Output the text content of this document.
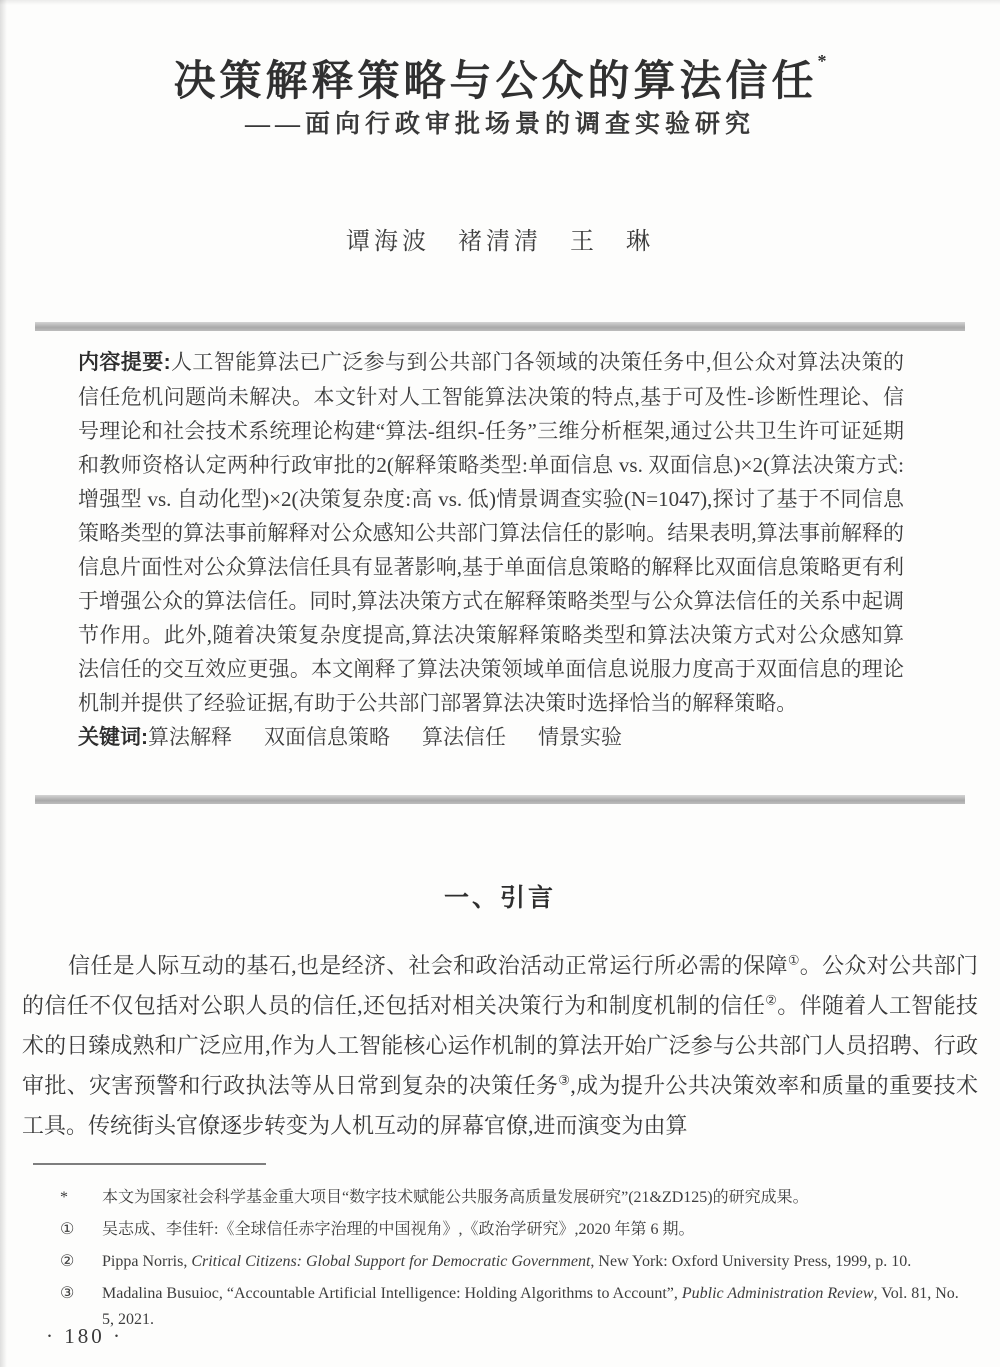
决策解释策略与公众的算法信任*
——面向行政审批场景的调查实验研究
谭海波　褚清清　王　琳

内容提要:人工智能算法已广泛参与到公共部门各领域的决策任务中,但公众对算法决策的信任危机问题尚未解决。本文针对人工智能算法决策的特点,基于可及性-诊断性理论、信号理论和社会技术系统理论构建“算法-组织-任务”三维分析框架,通过公共卫生许可证延期和教师资格认定两种行政审批的2(解释策略类型:单面信息 vs. 双面信息)×2(算法决策方式:增强型 vs. 自动化型)×2(决策复杂度:高 vs. 低)情景调查实验(N=1047),探讨了基于不同信息策略类型的算法事前解释对公众感知公共部门算法信任的影响。结果表明,算法事前解释的信息片面性对公众算法信任具有显著影响,基于单面信息策略的解释比双面信息策略更有利于增强公众的算法信任。同时,算法决策方式在解释策略类型与公众算法信任的关系中起调节作用。此外,随着决策复杂度提高,算法决策解释策略类型和算法决策方式对公众感知算法信任的交互效应更强。本文阐释了算法决策领域单面信息说服力度高于双面信息的理论机制并提供了经验证据,有助于公共部门部署算法决策时选择恰当的解释策略。

关键词:算法解释 双面信息策略 算法信任 情景实验

一、引言

信任是人际互动的基石,也是经济、社会和政治活动正常运行所必需的保障①。公众对公共部门的信任不仅包括对公职人员的信任,还包括对相关决策行为和制度机制的信任②。伴随着人工智能技术的日臻成熟和广泛应用,作为人工智能核心运作机制的算法开始广泛参与公共部门人员招聘、行政审批、灾害预警和行政执法等从日常到复杂的决策任务③,成为提升公共决策效率和质量的重要技术工具。传统街头官僚逐步转变为人机互动的屏幕官僚,进而演变为由算

*	本文为国家社会科学基金重大项目“数字技术赋能公共服务高质量发展研究”(21&ZD125)的研究成果。
①	吴志成、李佳轩:《全球信任赤字治理的中国视角》,《政治学研究》,2020 年第 6 期。
②	Pippa Norris, Critical Citizens: Global Support for Democratic Government, New York: Oxford University Press, 1999, p. 10.
③	Madalina Busuioc, “Accountable Artificial Intelligence: Holding Algorithms to Account”, Public Administration Review, Vol. 81, No. 5, 2021.
· 180 ·
